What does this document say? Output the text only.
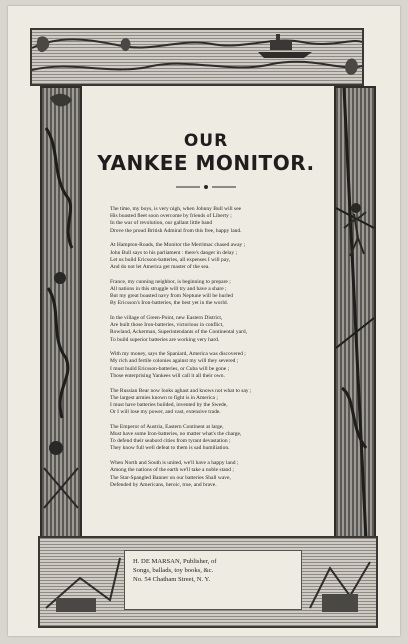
OUR
YANKEE MONITOR.
The time, my boys, is very nigh, when Johnny Bull will see
His boasted fleet soon overcome by friends of Liberty ;
In the war of revolution, our gallant little band
Drove the proud British Admiral from this free, happy land.
At Hampton-Roads, the Monitor the Merrimac chased away ;
John Bull says to his parliament : there's danger in delay ;
Let us build Ericsson-batteries, all expenses I will pay,
And do not let America get master of the sea.
France, my cunning neighbor, is beginning to prepare ;
All nations in this struggle will try and have a share ;
But my great boasted navy from Neptune will be hurled
By Ericsson's Iron-batteries, the best yet in the world.
In the village of Green-Point, new Eastern District,
Are built those Iron-batteries, victorious in conflict,
Rowland, Ackerman, Superintendants of the Continental yard,
To build superior batteries are working very hard.
With my money, says the Spaniard, America was discovered ;
My rich and fertile colonies against my will they severed ;
I must build Ericsson-batteries, or Cuba will be gone ;
Those enterprising Yankees will call it all their own.
The Russian Bear now looks aghast and knows not what to say ;
The largest armies known to fight is in America ;
I must have batteries builded, invented by the Swede,
Or I will lose my power, and vast, extensive trade.
The Emperor of Austria, Eastern Continent at large,
Must have some Iron-batteries, no matter what's the charge,
To defend their seabord cities from tyrant devastation ;
They know full well defeat to them is sad humiliation.
When North and South is united, we'll have a happy land ;
Among the nations of the earth we'll take a noble stand ;
The Star-Spangled Banner on our batteries Shall wave,
Defended by Americans, heroic, true, and brave.
H. DE MARSAN, Publisher, of
Songs, ballads, toy books, &c.
No. 54 Chatham Street, N. Y.
